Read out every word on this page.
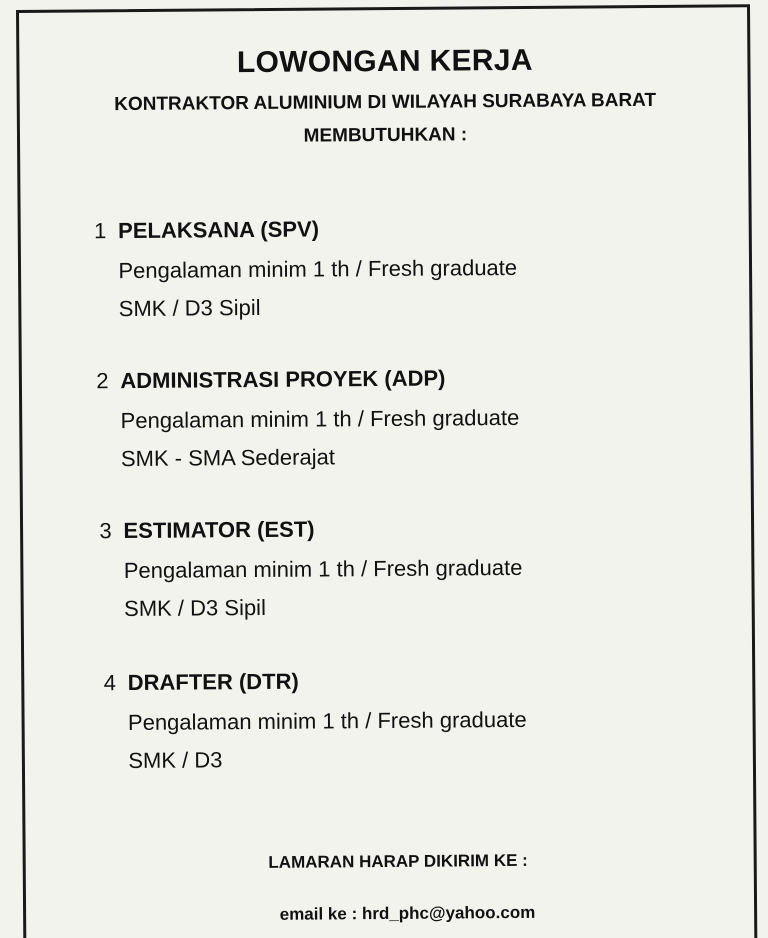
LOWONGAN KERJA
KONTRAKTOR ALUMINIUM DI WILAYAH SURABAYA BARAT
MEMBUTUHKAN :
1 PELAKSANA (SPV)
Pengalaman minim 1 th / Fresh graduate
SMK / D3 Sipil
2 ADMINISTRASI PROYEK (ADP)
Pengalaman minim 1 th / Fresh graduate
SMK - SMA Sederajat
3 ESTIMATOR (EST)
Pengalaman minim 1 th / Fresh graduate
SMK / D3 Sipil
4 DRAFTER (DTR)
Pengalaman minim 1 th / Fresh graduate
SMK / D3
LAMARAN HARAP DIKIRIM KE :
email ke : hrd_phc@yahoo.com
